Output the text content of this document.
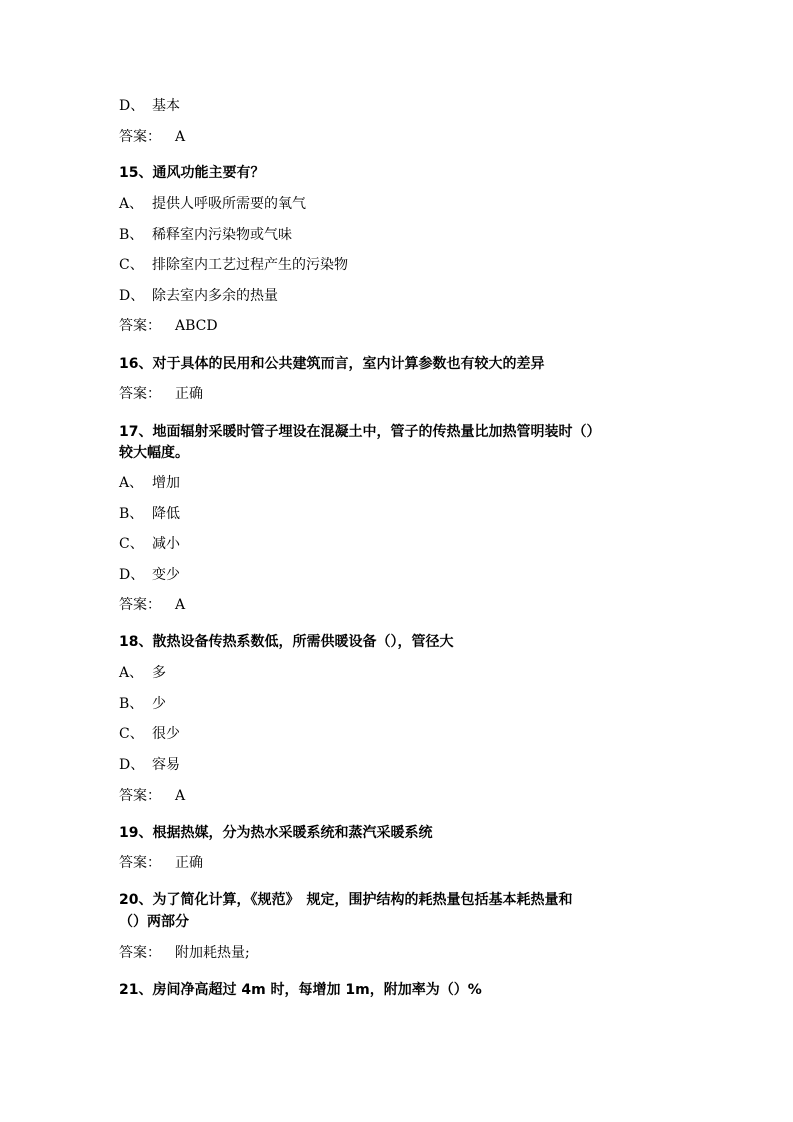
D、 基本
答案： A
15、通风功能主要有？
A、 提供人呼吸所需要的氧气
B、 稀释室内污染物或气味
C、 排除室内工艺过程产生的污染物
D、 除去室内多余的热量
答案： ABCD
16、对于具体的民用和公共建筑而言，室内计算参数也有较大的差异
答案： 正确
17、地面辐射采暖时管子埋设在混凝土中，管子的传热量比加热管明装时（）
较大幅度。
A、 增加
B、 降低
C、 减小
D、 变少
答案： A
18、散热设备传热系数低，所需供暖设备（），管径大
A、 多
B、 少
C、 很少
D、 容易
答案： A
19、根据热媒，分为热水采暖系统和蒸汽采暖系统
答案： 正确
20、为了简化计算，《规范》　规定，围护结构的耗热量包括基本耗热量和
（）两部分
答案： 附加耗热量;
21、房间净高超过 4m 时，每增加 1m，附加率为（）%
